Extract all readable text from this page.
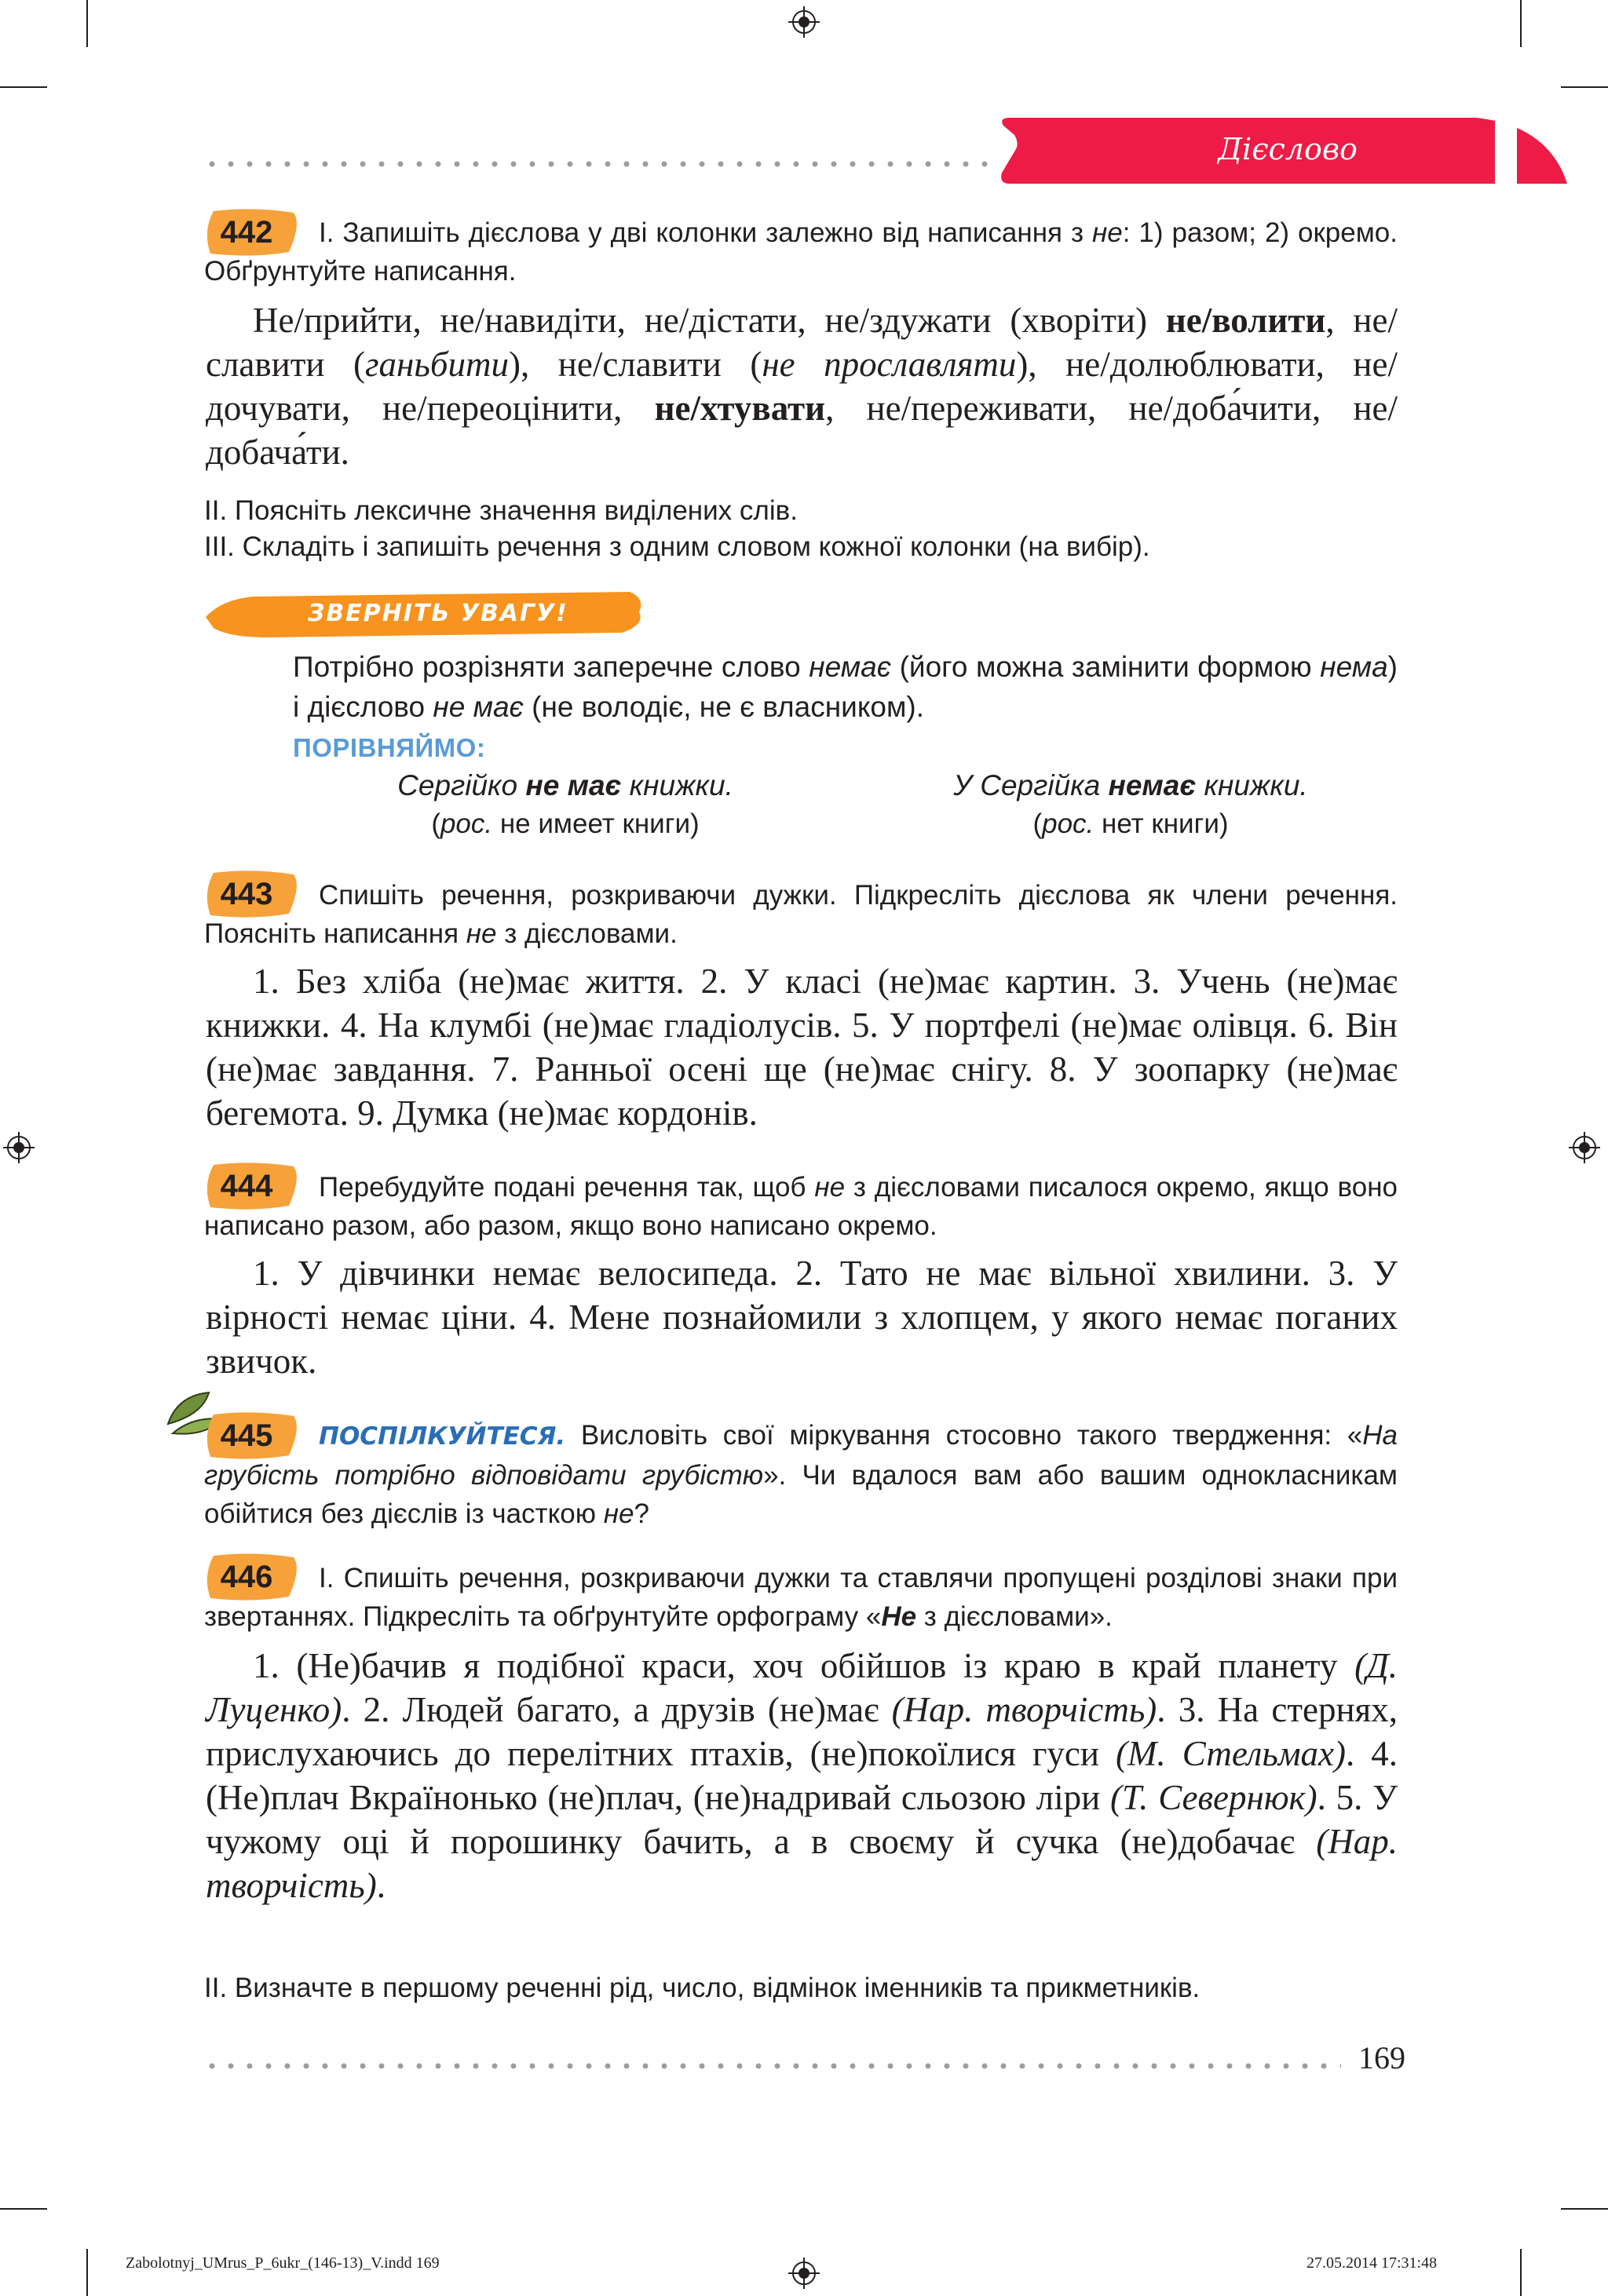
Дієслово
442	І. Запишіть дієслова у дві колонки залежно від написання з не: 1) разом; 2) окремо. Обґрунтуйте написання.

Не/прийти, не/навидіти, не/дістати, не/здужати (хворіти) не/волити, не/славити (ганьбити), не/славити (не прославляти), не/долюблювати, не/дочувати, не/переоцінити, не/хтувати, не/переживати, не/доба́чити, не/добача́ти.

ІІ. Поясніть лексичне значення виділених слів.
ІІІ. Складіть і запишіть речення з одним словом кожної колонки (на вибір).
ЗВЕРНІТЬ УВАГУ!

Потрібно розрізняти заперечне слово немає (його можна замінити формою нема) і дієслово не має (не володіє, не є власником).

ПОРІВНЯЙМО:
Сергійко не має книжки.
(рос. не имеет книги)
У Сергійка немає книжки.
(рос. нет книги)
443	Спишіть речення, розкриваючи дужки. Підкресліть дієслова як члени речення. Поясніть написання не з дієсловами.

1. Без хліба (не)має життя. 2. У класі (не)має картин. 3. Учень (не)має книжки. 4. На клумбі (не)має гладіолусів. 5. У портфелі (не)має олівця. 6. Він (не)має завдання. 7. Ранньої осені ще (не)має снігу. 8. У зоопарку (не)має бегемота. 9. Думка (не)має кордонів.

444	Перебудуйте подані речення так, щоб не з дієсловами писалося окремо, якщо воно написано разом, або разом, якщо воно написано окремо.

1. У дівчинки немає велосипеда. 2. Тато не має вільної хвилини. 3. У вірності немає ціни. 4. Мене познайомили з хлопцем, у якого немає поганих звичок.

445	ПОСПІЛКУЙТЕСЯ. Висловіть свої міркування стосовно такого твердження: «На грубість потрібно відповідати грубістю». Чи вдалося вам або вашим однокласникам обійтися без дієслів із часткою не?

446	І. Спишіть речення, розкриваючи дужки та ставлячи пропущені розділові знаки при звертаннях. Підкресліть та обґрунтуйте орфограму «Не з дієсловами».

1. (Не)бачив я подібної краси, хоч обійшов із краю в край планету (Д. Луценко). 2. Людей багато, а друзів (не)має (Нар. творчість). 3. На стернях, прислухаючись до перелітних птахів, (не)покоїлися гуси (М. Стельмах). 4. (Не)плач Вкраїнонько (не)плач, (не)надривай сльозою ліри (Т. Севернюк). 5. У чужому оці й порошинку бачить, а в своєму й сучка (не)добачає (Нар. творчість).

ІІ. Визначте в першому реченні рід, число, відмінок іменників та прикметників.
169
Zabolotnyj_UMrus_P_6ukr_(146-13)_V.indd 169	27.05.2014 17:31:48
